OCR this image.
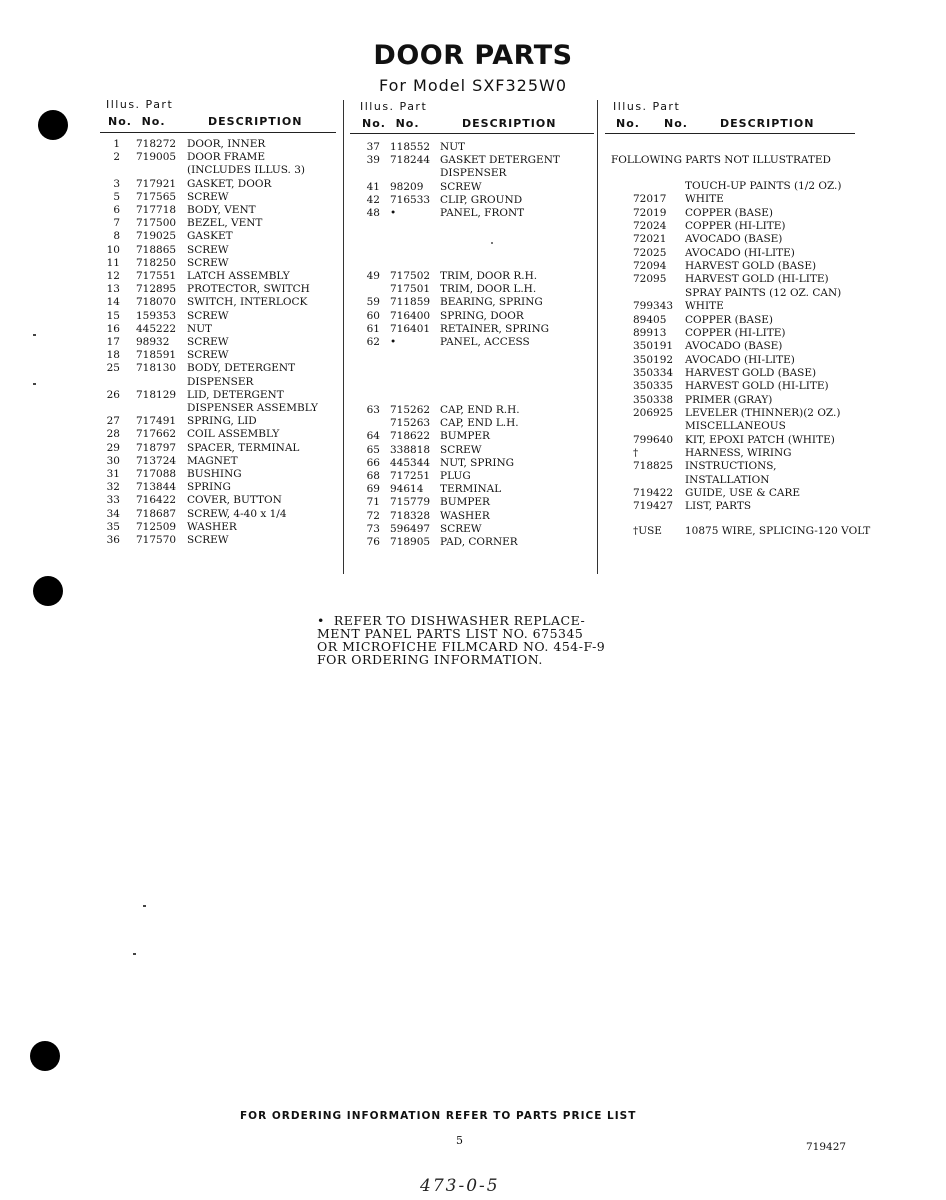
DOOR PARTS
For Model SXF325W0
Illus. Part
No.  No.	DESCRIPTION
Illus. Part
No.  No.	DESCRIPTION
Illus. Part
No. No.	DESCRIPTION
1 718272 DOOR, INNER
2 719005 DOOR FRAME
(INCLUDES ILLUS. 3)
3 717921 GASKET, DOOR
5 717565 SCREW
6 717718 BODY, VENT
7 717500 BEZEL, VENT
8 719025 GASKET
10 718865 SCREW
11 718250 SCREW
12 717551 LATCH ASSEMBLY
13 712895 PROTECTOR, SWITCH
14 718070 SWITCH, INTERLOCK
15 159353 SCREW
16 445222 NUT
17 98932 SCREW
18 718591 SCREW
25 718130 BODY, DETERGENT
DISPENSER
26 718129 LID, DETERGENT
DISPENSER ASSEMBLY
27 717491 SPRING, LID
28 717662 COIL ASSEMBLY
29 718797 SPACER, TERMINAL
30 713724 MAGNET
31 717088 BUSHING
32 713844 SPRING
33 716422 COVER, BUTTON
34 718687 SCREW, 4-40 x 1/4
35 712509 WASHER
36 717570 SCREW
37 118552 NUT
39 718244 GASKET DETERGENT
DISPENSER
41 98209 SCREW
42 716533 CLIP, GROUND
48 •	PANEL, FRONT
49 717502 TRIM, DOOR R.H.
717501 TRIM, DOOR L.H.
59 711859 BEARING, SPRING
60 716400 SPRING, DOOR
61 716401 RETAINER, SPRING
62 •	PANEL, ACCESS
63 715262 CAP, END R.H.
715263 CAP, END L.H.
64 718622 BUMPER
65 338818 SCREW
66 445344 NUT, SPRING
68 717251 PLUG
69 94614 TERMINAL
71 715779 BUMPER
72 718328 WASHER
73 596497 SCREW
76 718905 PAD, CORNER
FOLLOWING PARTS NOT ILLUSTRATED
TOUCH-UP PAINTS (1/2 OZ.)
72017 WHITE
72019 COPPER (BASE)
72024 COPPER (HI-LITE)
72021 AVOCADO (BASE)
72025 AVOCADO (HI-LITE)
72094 HARVEST GOLD (BASE)
72095 HARVEST GOLD (HI-LITE)
SPRAY PAINTS (12 OZ. CAN)
799343 WHITE
89405 COPPER (BASE)
89913 COPPER (HI-LITE)
350191 AVOCADO (BASE)
350192 AVOCADO (HI-LITE)
350334 HARVEST GOLD (BASE)
350335 HARVEST GOLD (HI-LITE)
350338 PRIMER (GRAY)
206925 LEVELER (THINNER)(2 OZ.)
MISCELLANEOUS
799640 KIT, EPOXI PATCH (WHITE)
†	HARNESS, WIRING
718825 INSTRUCTIONS,
INSTALLATION
719422 GUIDE, USE & CARE
719427 LIST, PARTS
†USE 10875 WIRE, SPLICING-120 VOLT
•  REFER TO DISHWASHER REPLACE-
MENT PANEL PARTS LIST NO. 675345
OR MICROFICHE FILMCARD NO. 454-F-9
FOR ORDERING INFORMATION.
FOR ORDERING INFORMATION REFER TO PARTS PRICE LIST
5	719427
473-0-5
